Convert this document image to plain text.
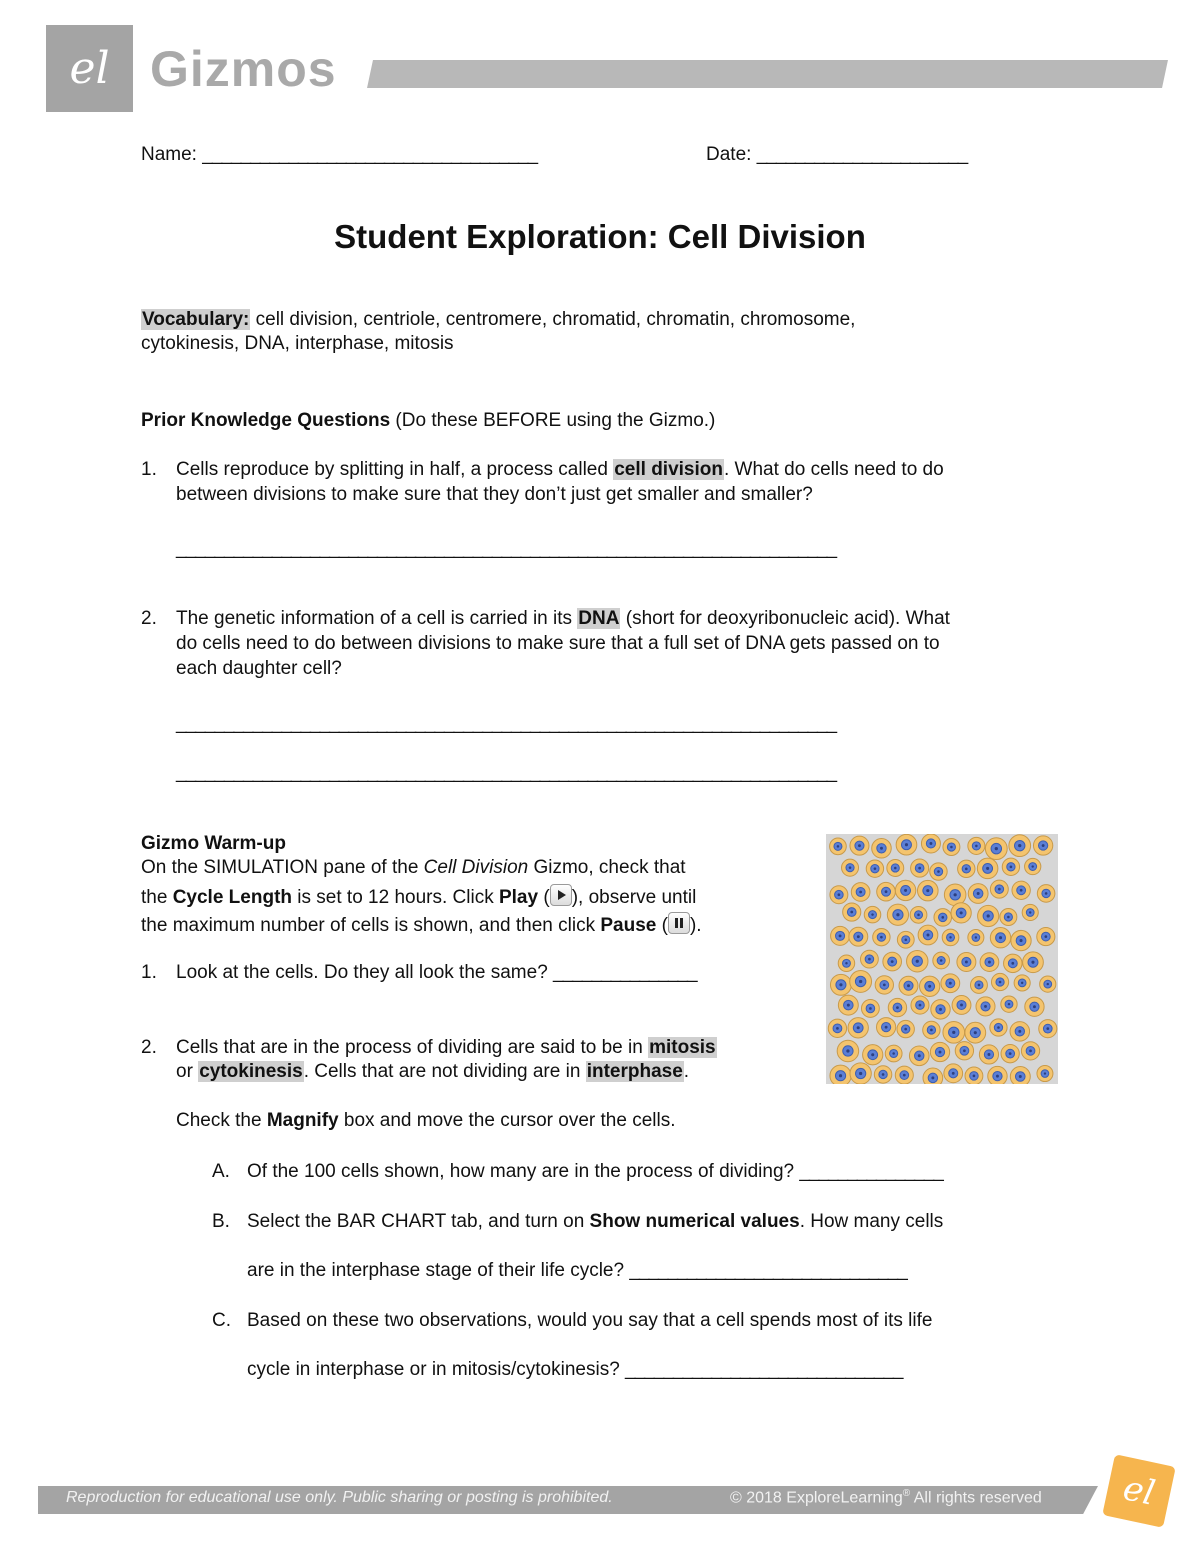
el Gizmos
Name: ___________________________________	Date: ______________________
Student Exploration: Cell Division
Vocabulary: cell division, centriole, centromere, chromatid, chromatin, chromosome,
cytokinesis, DNA, interphase, mitosis
Prior Knowledge Questions (Do these BEFORE using the Gizmo.)
1. Cells reproduce by splitting in half, a process called cell division. What do cells need to do
between divisions to make sure that they don’t just get smaller and smaller?
_____________________________________________________________________
2. The genetic information of a cell is carried in its DNA (short for deoxyribonucleic acid). What
do cells need to do between divisions to make sure that a full set of DNA gets passed on to
each daughter cell?
_____________________________________________________________________
_____________________________________________________________________
Gizmo Warm-up
On the SIMULATION pane of the Cell Division Gizmo, check that
the Cycle Length is set to 12 hours. Click Play ( ), observe until
the maximum number of cells is shown, and then click Pause ( ).
1. Look at the cells. Do they all look the same? _______________
2. Cells that are in the process of dividing are said to be in mitosis
or cytokinesis. Cells that are not dividing are in interphase.
Check the Magnify box and move the cursor over the cells.
A. Of the 100 cells shown, how many are in the process of dividing? _______________
B. Select the BAR CHART tab, and turn on Show numerical values. How many cells
are in the interphase stage of their life cycle? _____________________________
C. Based on these two observations, would you say that a cell spends most of its life
cycle in interphase or in mitosis/cytokinesis? _____________________________
Reproduction for educational use only. Public sharing or posting is prohibited.	© 2018 ExploreLearning® All rights reserved el
